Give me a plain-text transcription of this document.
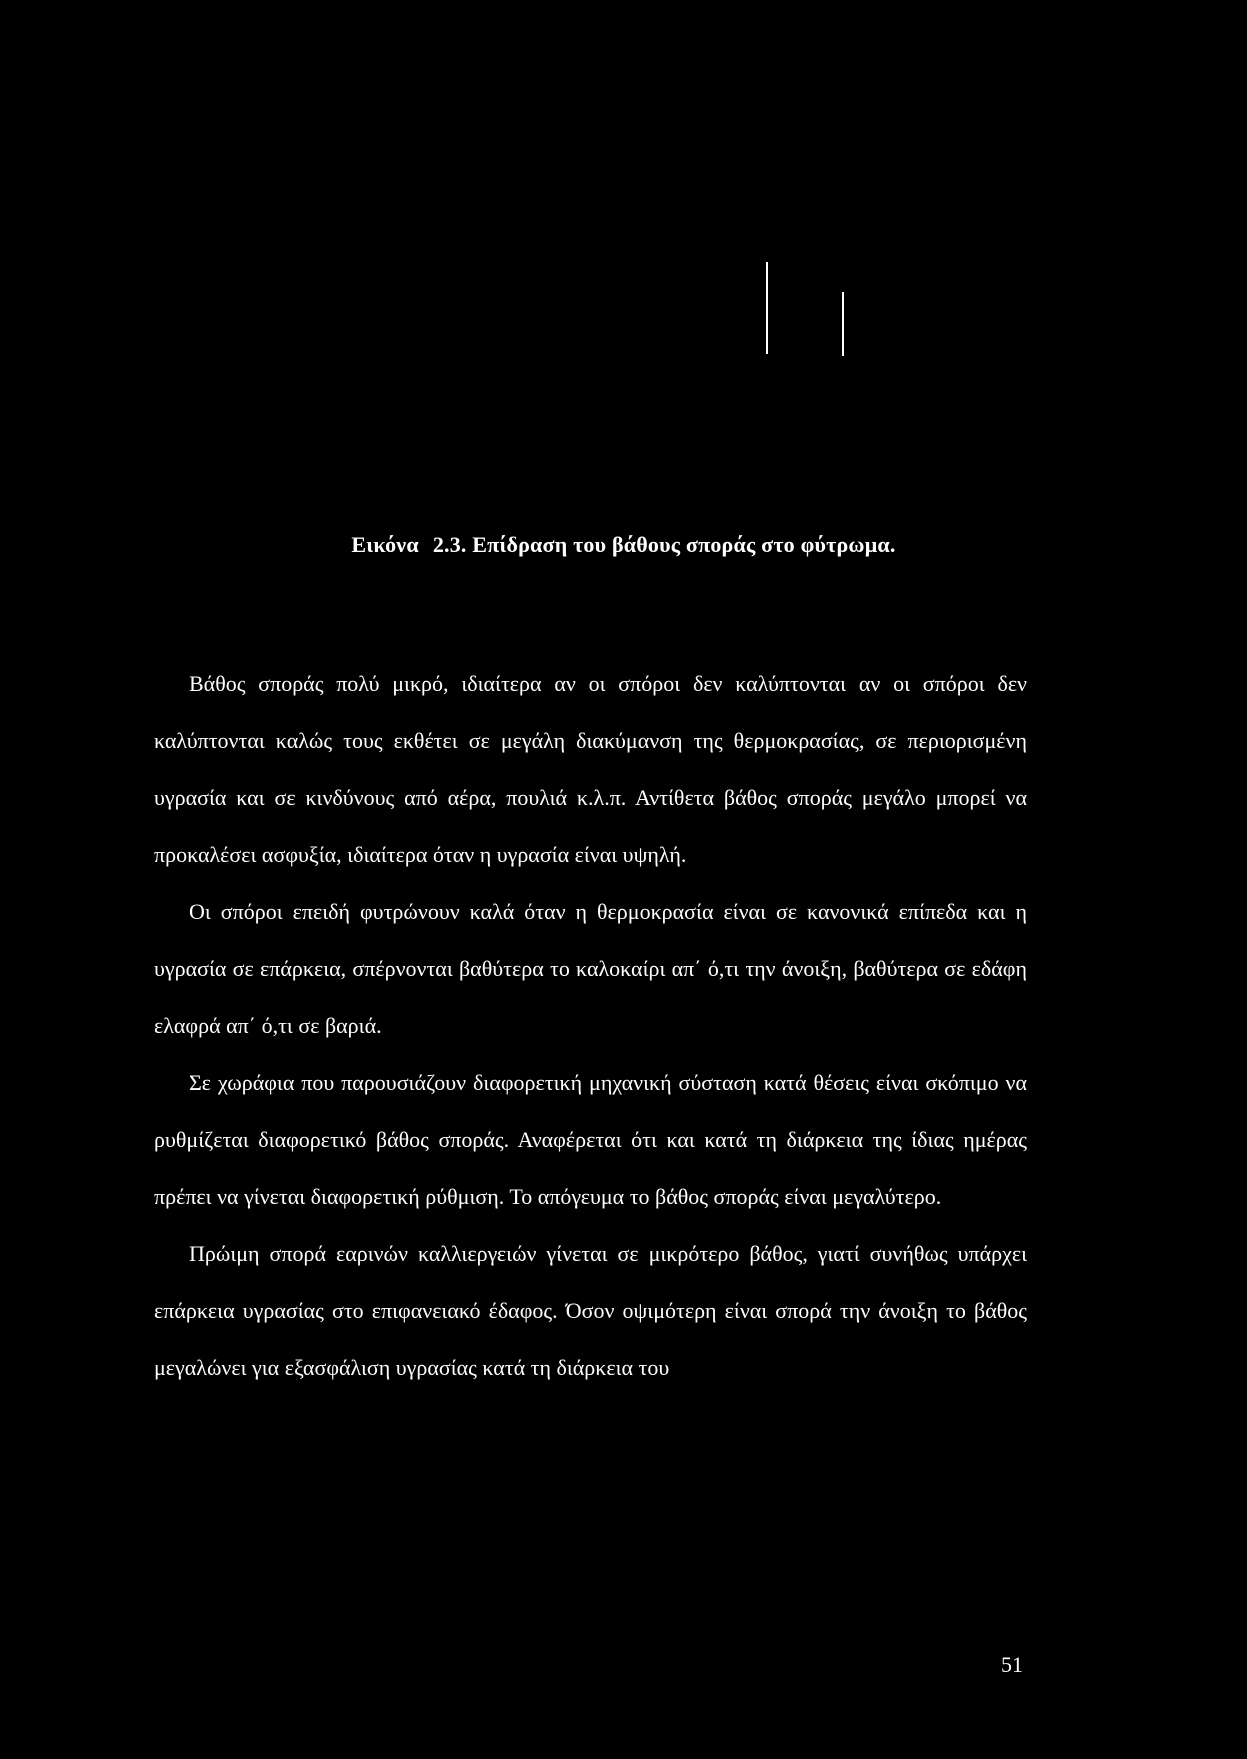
Εικόνα 2.3. Επίδραση του βάθους σποράς στο φύτρωμα.

Βάθος σποράς πολύ μικρό, ιδιαίτερα αν οι σπόροι δεν καλύπτονται αν οι σπόροι δεν καλύπτονται καλώς τους εκθέτει σε μεγάλη διακύμανση της θερμοκρασίας, σε περιορισμένη υγρασία και σε κινδύνους από αέρα, πουλιά κ.λ.π. Αντίθετα βάθος σποράς μεγάλο μπορεί να προκαλέσει ασφυξία, ιδιαίτερα όταν η υγρασία είναι υψηλή.

Οι σπόροι επειδή φυτρώνουν καλά όταν η θερμοκρασία είναι σε κανονικά επίπεδα και η υγρασία σε επάρκεια, σπέρνονται βαθύτερα το καλοκαίρι απ΄ ό,τι την άνοιξη, βαθύτερα σε εδάφη ελαφρά απ΄ ό,τι σε βαριά.

Σε χωράφια που παρουσιάζουν διαφορετική μηχανική σύσταση κατά θέσεις είναι σκόπιμο να ρυθμίζεται διαφορετικό βάθος σποράς. Αναφέρεται ότι και κατά τη διάρκεια της ίδιας ημέρας πρέπει να γίνεται διαφορετική ρύθμιση. Το απόγευμα το βάθος σποράς είναι μεγαλύτερο.

Πρώιμη σπορά εαρινών καλλιεργειών γίνεται σε μικρότερο βάθος, γιατί συνήθως υπάρχει επάρκεια υγρασίας στο επιφανειακό έδαφος. Όσον οψιμότερη είναι σπορά την άνοιξη το βάθος μεγαλώνει για εξασφάλιση υγρασίας κατά τη διάρκεια του

51
